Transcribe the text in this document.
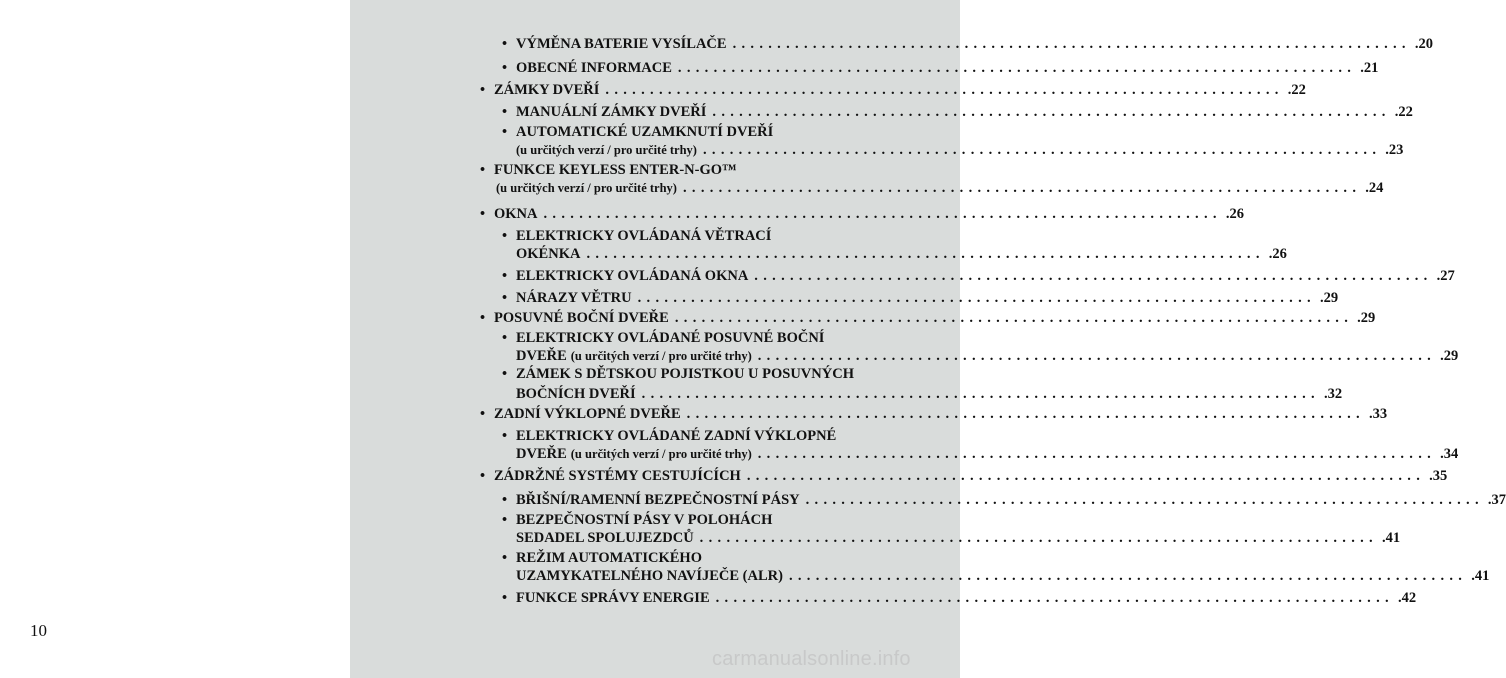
10
• VÝMĚNA BATERIE VYSÍLAČE ............................................................................ .20
• OBECNÉ INFORMACE ............................................................................ .21
• ZÁMKY DVEŘÍ ............................................................................ .22
• MANUÁLNÍ ZÁMKY DVEŘÍ ............................................................................ .22
• AUTOMATICKÉ UZAMKNUTÍ DVEŘÍ
(u určitých verzí / pro určité trhy) ............................................................................ .23
• FUNKCE KEYLESS ENTER-N-GO™
(u určitých verzí / pro určité trhy) ............................................................................ .24
• OKNA ............................................................................ .26
• ELEKTRICKY OVLÁDANÁ VĚTRACÍ
OKÉNKA ............................................................................ .26
• ELEKTRICKY OVLÁDANÁ OKNA ............................................................................ .27
• NÁRAZY VĚTRU ............................................................................ .29
• POSUVNÉ BOČNÍ DVEŘE ............................................................................ .29
• ELEKTRICKY OVLÁDANÉ POSUVNÉ BOČNÍ
DVEŘE (u určitých verzí / pro určité trhy) ............................................................................ .29
• ZÁMEK S DĚTSKOU POJISTKOU U POSUVNÝCH
BOČNÍCH DVEŘÍ ............................................................................ .32
• ZADNÍ VÝKLOPNÉ DVEŘE ............................................................................ .33
• ELEKTRICKY OVLÁDANÉ ZADNÍ VÝKLOPNÉ
DVEŘE (u určitých verzí / pro určité trhy) ............................................................................ .34
• ZÁDRŽNÉ SYSTÉMY CESTUJÍCÍCH ............................................................................ .35
• BŘIŠNÍ/RAMENNÍ BEZPEČNOSTNÍ PÁSY ............................................................................ .37
• BEZPEČNOSTNÍ PÁSY V POLOHÁCH
SEDADEL SPOLUJEZDCŮ ............................................................................ .41
• REŽIM AUTOMATICKÉHO
UZAMYKATELNÉHO NAVÍJEČE (ALR) ............................................................................ .41
• FUNKCE SPRÁVY ENERGIE ............................................................................ .42
carmanualsonline.info
